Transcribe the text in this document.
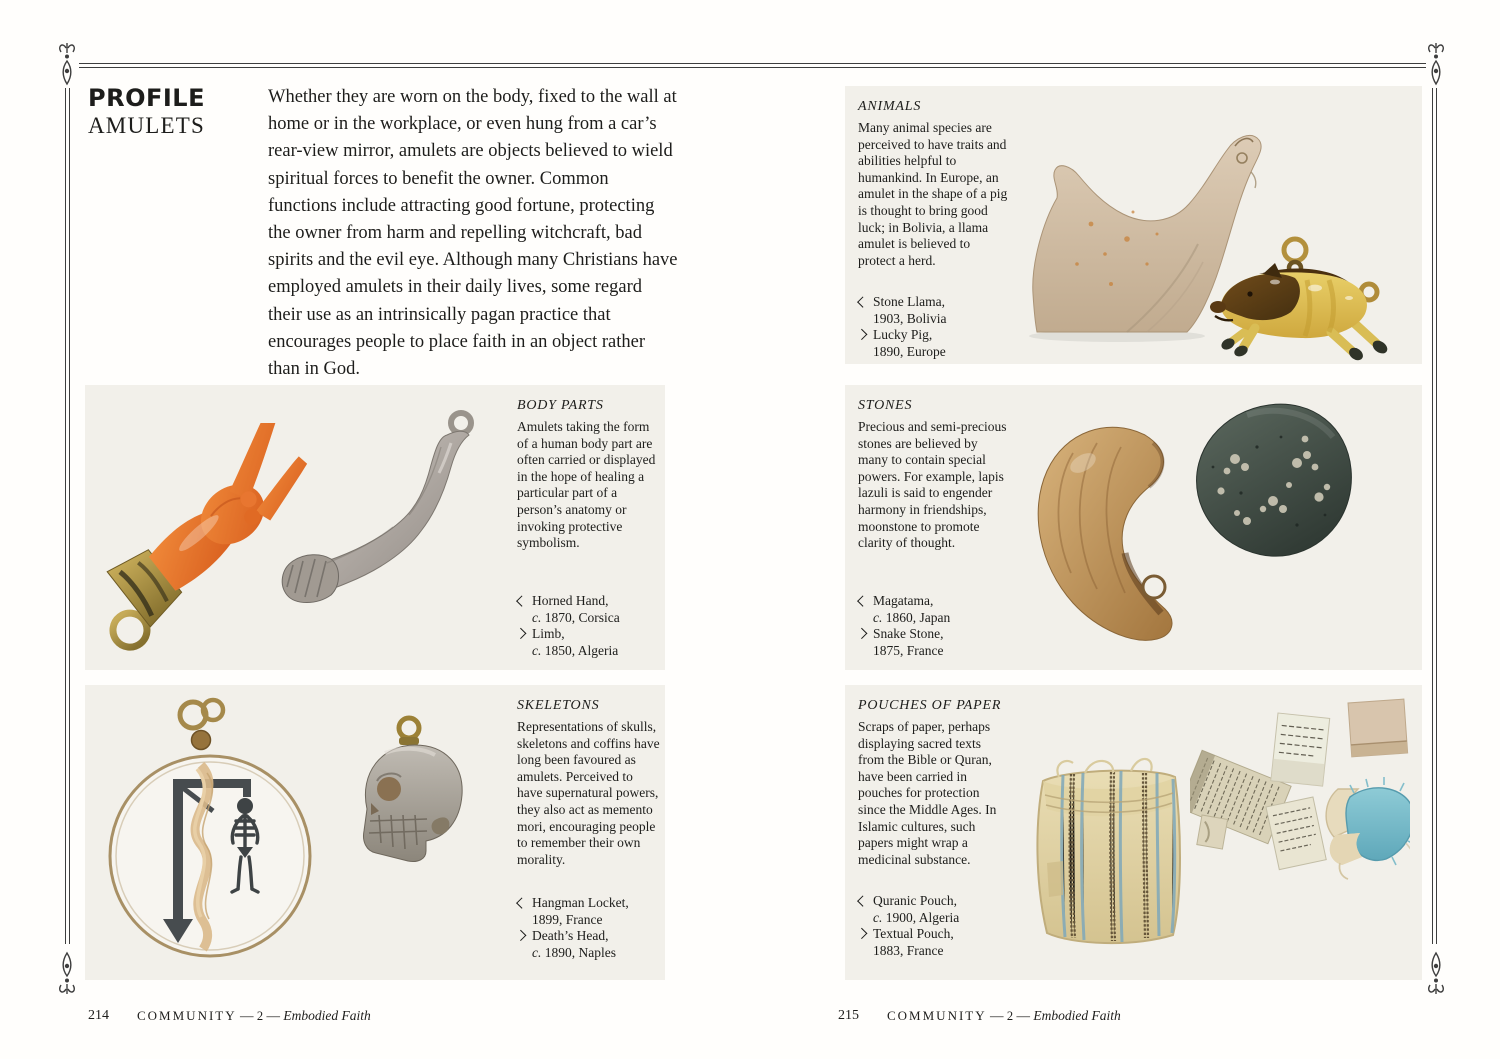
PROFILE
AMULETS
Whether they are worn on the body, fixed to the wall at home or in the workplace, or even hung from a car’s rear-view mirror, amulets are objects believed to wield spiritual forces to benefit the owner. Common functions include attracting good fortune, protecting the owner from harm and repelling witchcraft, bad spirits and the evil eye. Although many Christians have employed amulets in their daily lives, some regard their use as an intrinsically pagan practice that encourages people to place faith in an object rather than in God.
ANIMALS
Many animal species are perceived to have traits and abilities helpful to humankind. In Europe, an amulet in the shape of a pig is thought to bring good luck; in Bolivia, a llama amulet is believed to protect a herd.
Stone Llama,
1903, Bolivia
Lucky Pig,
1890, Europe
BODY PARTS
Amulets taking the form of a human body part are often carried or displayed in the hope of healing a particular part of a person’s anatomy or invoking protective symbolism.
Horned Hand,
c. 1870, Corsica
Limb,
c. 1850, Algeria
STONES
Precious and semi-precious stones are believed by many to contain special powers. For example, lapis lazuli is said to engender harmony in friendships, moonstone to promote clarity of thought.
Magatama,
c. 1860, Japan
Snake Stone,
1875, France
SKELETONS
Representations of skulls, skeletons and coffins have long been favoured as amulets. Perceived to have supernatural powers, they also act as memento mori, encouraging people to remember their own morality.
Hangman Locket,
1899, France
Death’s Head,
c. 1890, Naples
POUCHES OF PAPER
Scraps of paper, perhaps displaying sacred texts from the Bible or Quran, have been carried in pouches for protection since the Middle Ages. In Islamic cultures, such papers might wrap a medicinal substance.
Quranic Pouch,
c. 1900, Algeria
Textual Pouch,
1883, France
214 COMMUNITY — 2 — Embodied Faith	215 COMMUNITY — 2 — Embodied Faith
